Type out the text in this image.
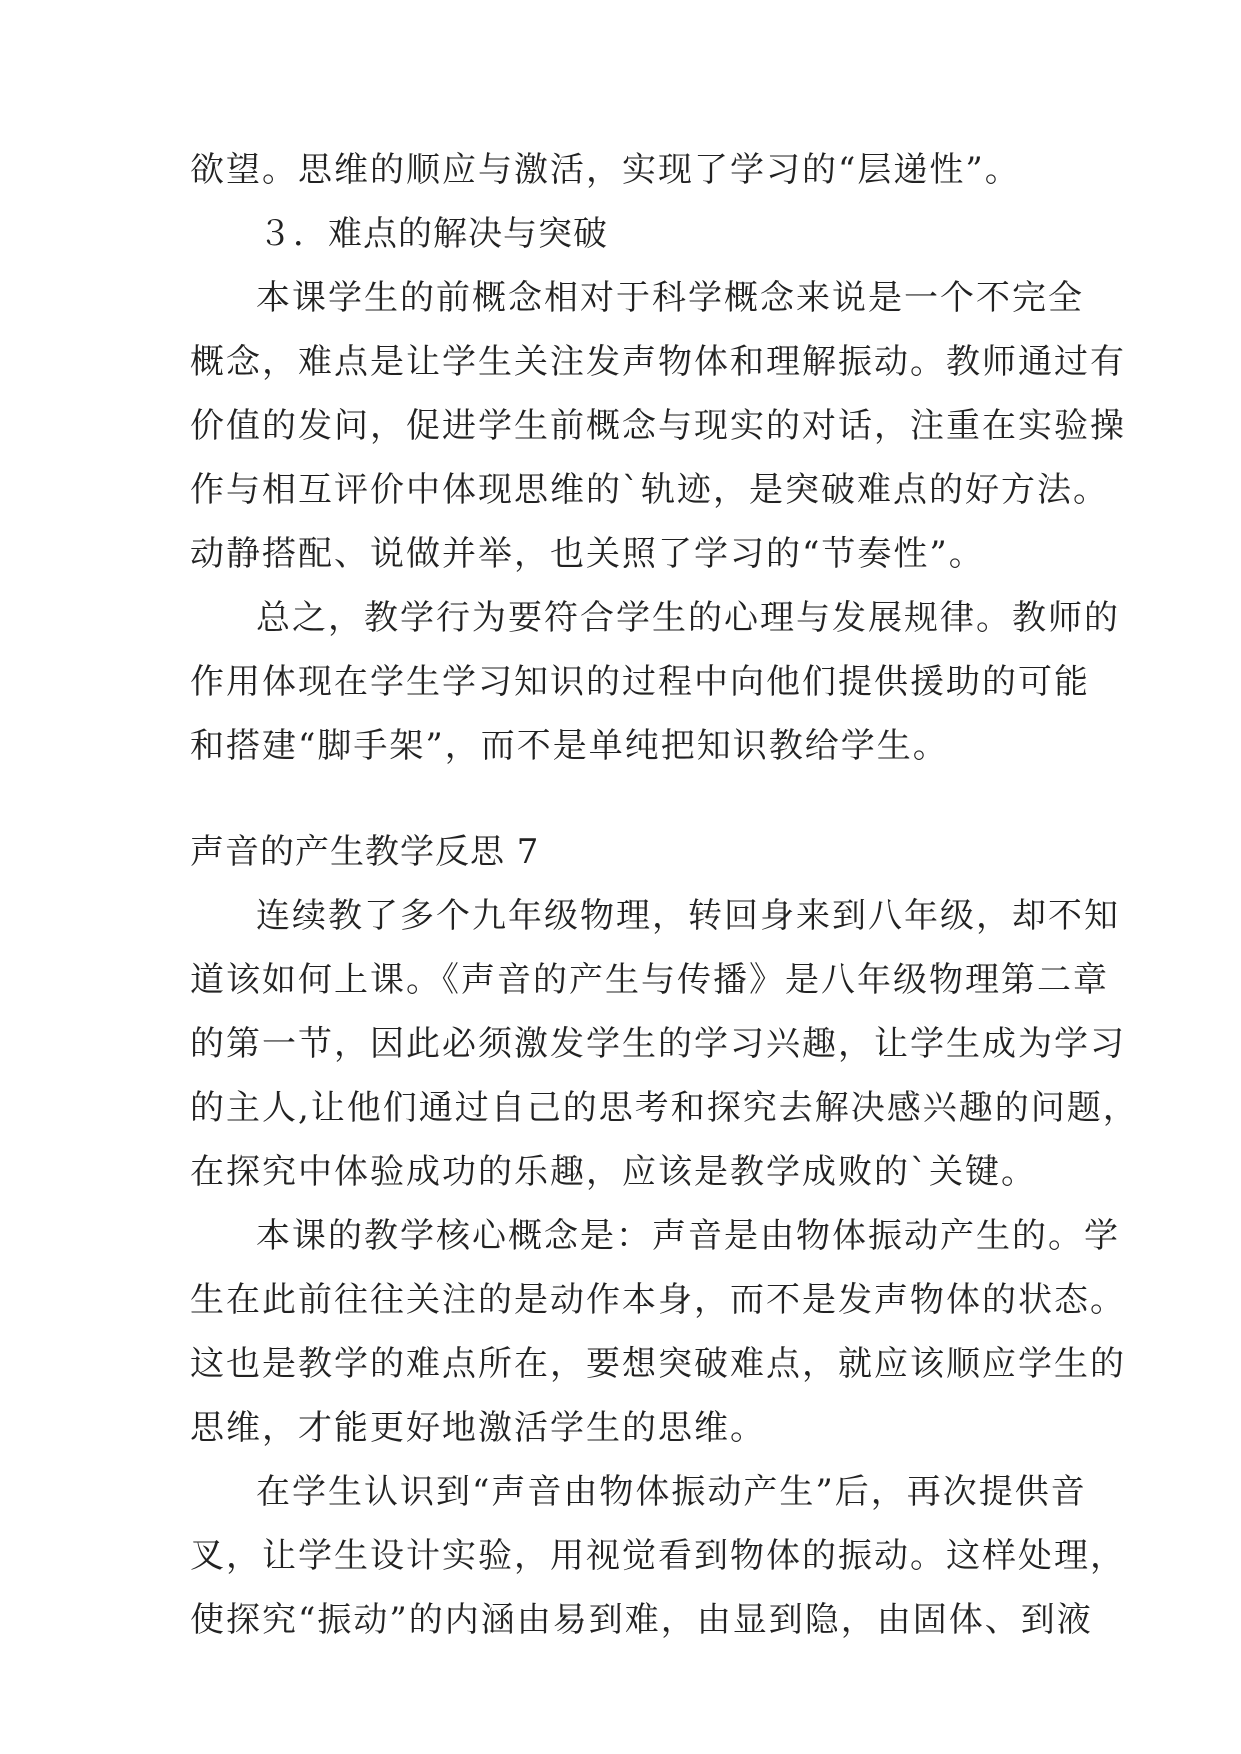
欲望。思维的顺应与激活，实现了学习的“层递性”。
３．难点的解决与突破
本课学生的前概念相对于科学概念来说是一个不完全
概念，难点是让学生关注发声物体和理解振动。教师通过有
价值的发问，促进学生前概念与现实的对话，注重在实验操
作与相互评价中体现思维的`轨迹，是突破难点的好方法。
动静搭配、说做并举，也关照了学习的“节奏性”。
总之，教学行为要符合学生的心理与发展规律。教师的
作用体现在学生学习知识的过程中向他们提供援助的可能
和搭建“脚手架”，而不是单纯把知识教给学生。
声音的产生教学反思 7
连续教了多个九年级物理，转回身来到八年级，却不知
道该如何上课。《声音的产生与传播》是八年级物理第二章
的第一节，因此必须激发学生的学习兴趣，让学生成为学习
的主人,让他们通过自己的思考和探究去解决感兴趣的问题，
在探究中体验成功的乐趣，应该是教学成败的`关键。
本课的教学核心概念是：声音是由物体振动产生的。学
生在此前往往关注的是动作本身，而不是发声物体的状态。
这也是教学的难点所在，要想突破难点，就应该顺应学生的
思维，才能更好地激活学生的思维。
在学生认识到“声音由物体振动产生”后，再次提供音
叉，让学生设计实验，用视觉看到物体的振动。这样处理，
使探究“振动”的内涵由易到难，由显到隐，由固体、到液
